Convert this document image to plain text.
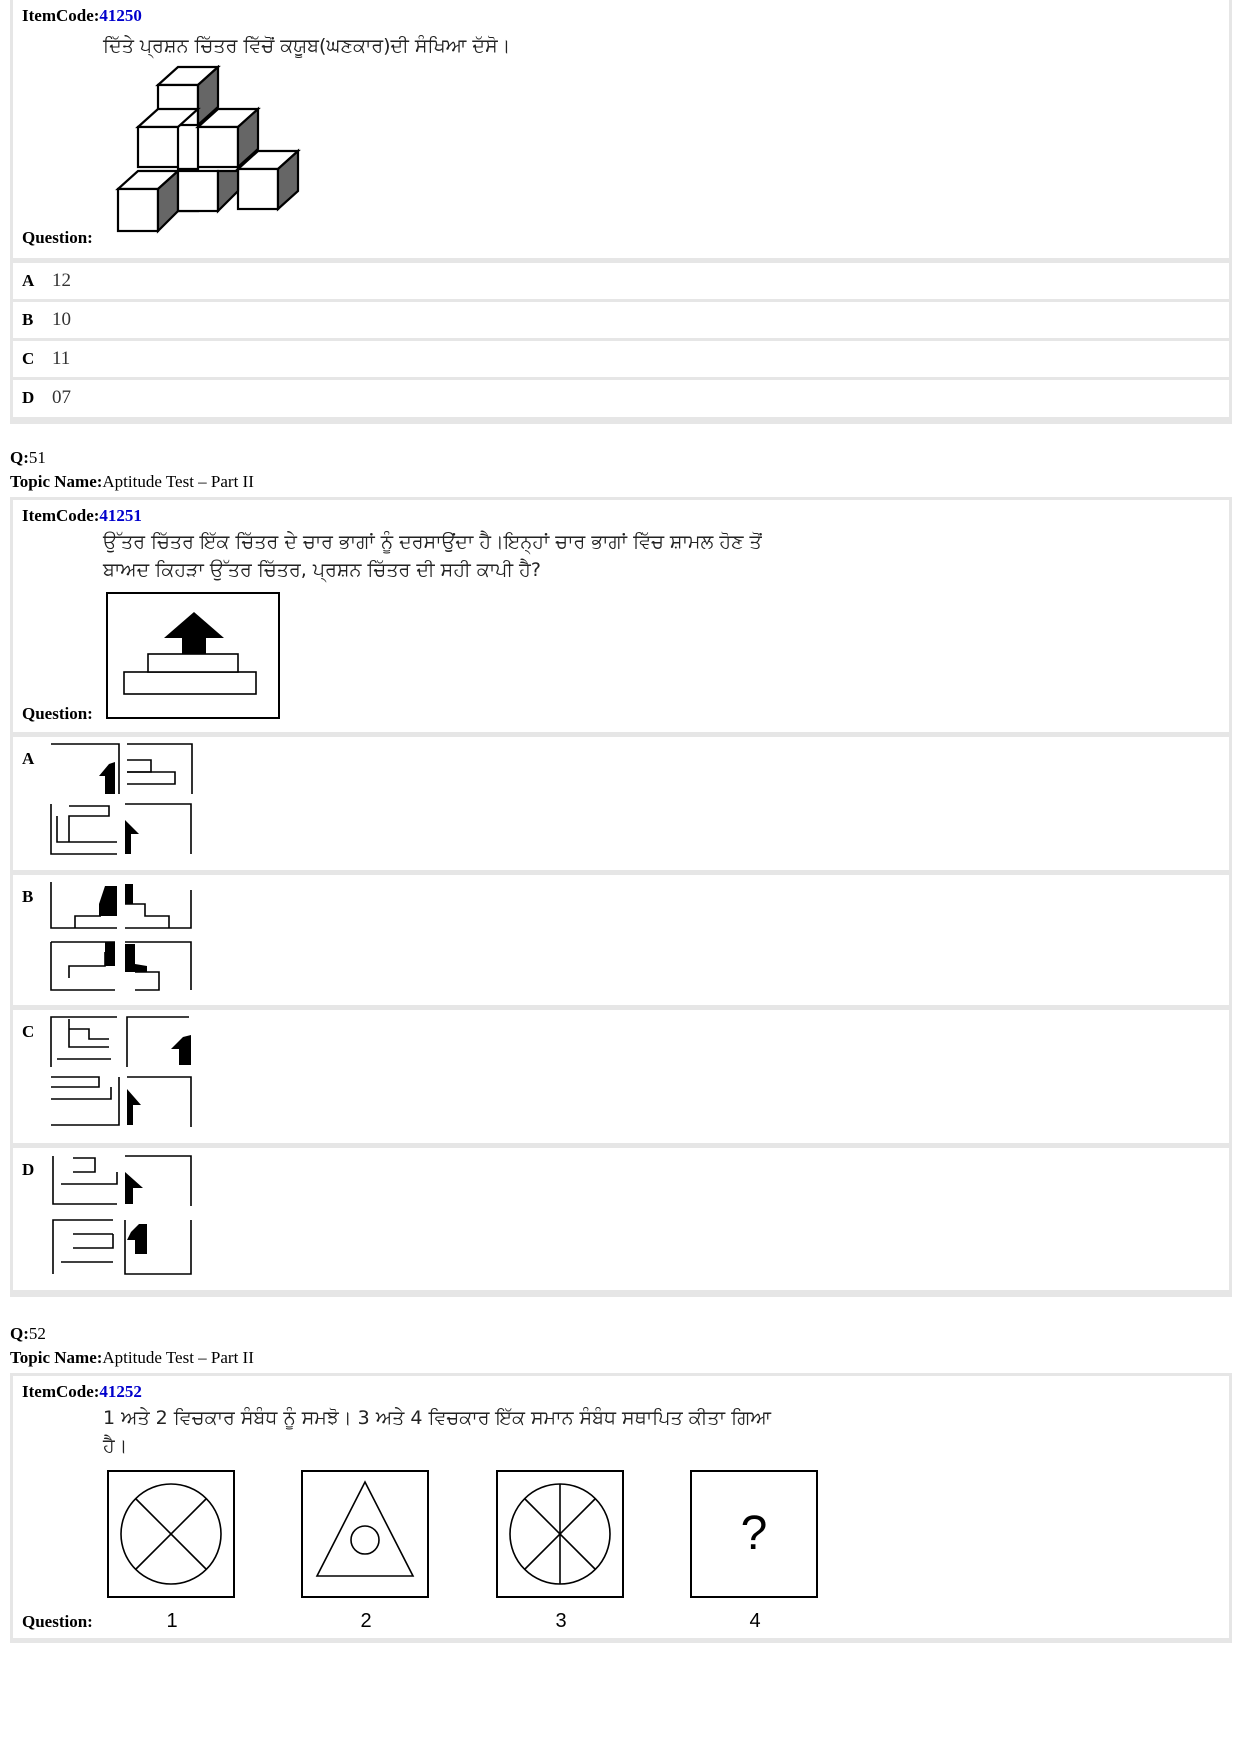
ItemCode:41250
ਦਿੱਤੇ ਪ੍ਰਸ਼ਨ ਚਿੱਤਰ ਵਿੱਚੋਂ ਕਯੂਬ(ਘਣਕਾਰ)ਦੀ ਸੰਖਿਆ ਦੱਸੋ।
Question:
A 12
B 10
C 11
D 07
Q:51
Topic Name:Aptitude Test – Part II
ItemCode:41251
ਉੱਤਰ ਚਿੱਤਰ ਇੱਕ ਚਿੱਤਰ ਦੇ ਚਾਰ ਭਾਗਾਂ ਨੂੰ ਦਰਸਾਉਂਦਾ ਹੈ।ਇਨ੍ਹਾਂ ਚਾਰ ਭਾਗਾਂ ਵਿੱਚ ਸ਼ਾਮਲ ਹੋਣ ਤੋਂ
ਬਾਅਦ ਕਿਹੜਾ ਉੱਤਰ ਚਿੱਤਰ, ਪ੍ਰਸ਼ਨ ਚਿੱਤਰ ਦੀ ਸਹੀ ਕਾਪੀ ਹੈ?
Question:
A
B
C
D
Q:52
Topic Name:Aptitude Test – Part II
ItemCode:41252
1 ਅਤੇ 2 ਵਿਚਕਾਰ ਸੰਬੰਧ ਨੂੰ ਸਮਝੋ। 3 ਅਤੇ 4 ਵਿਚਕਾਰ ਇੱਕ ਸਮਾਨ ਸੰਬੰਧ ਸਥਾਪਿਤ ਕੀਤਾ ਗਿਆ
ਹੈ।
?
1	2	3	4
Question:
